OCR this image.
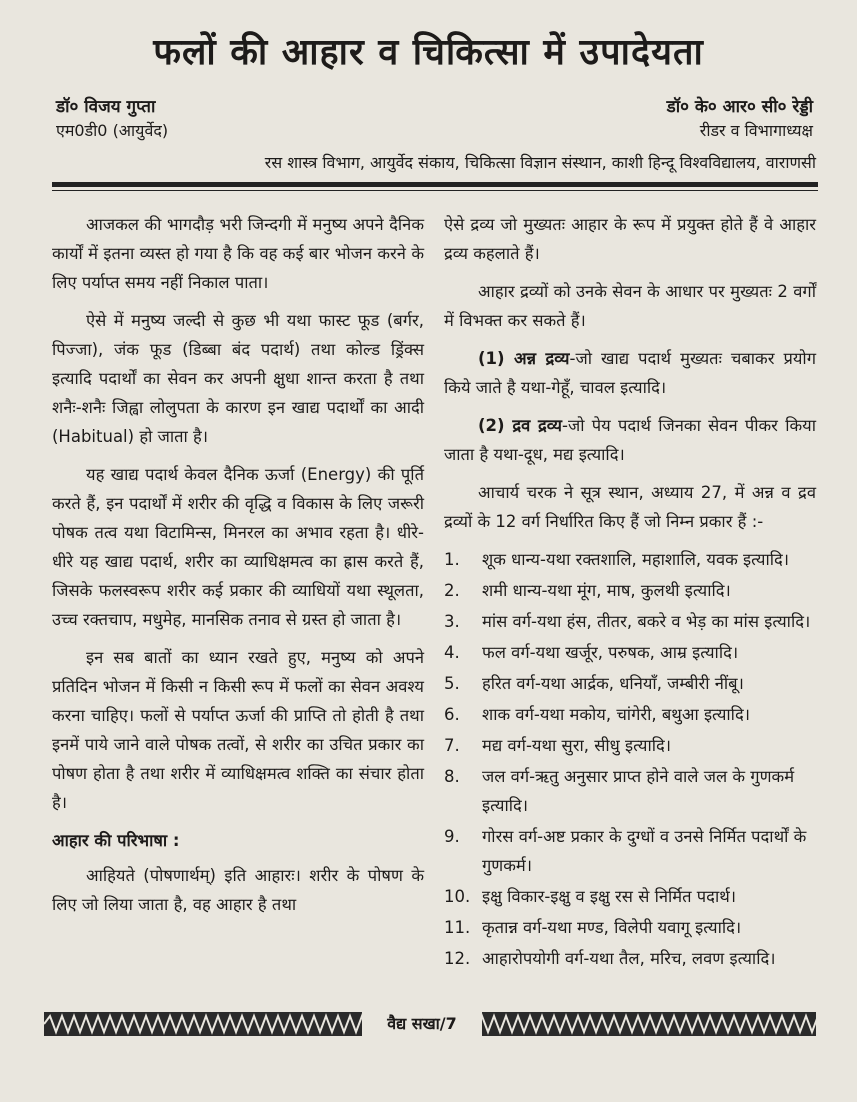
फलों की आहार व चिकित्सा में उपादेयता
डॉ० विजय गुप्ता
एम0डी0 (आयुर्वेद)
डॉ० के० आर० सी० रेड्डी
रीडर व विभागाध्यक्ष
रस शास्त्र विभाग, आयुर्वेद संकाय, चिकित्सा विज्ञान संस्थान, काशी हिन्दू विश्वविद्यालय, वाराणसी

आजकल की भागदौड़ भरी जिन्दगी में मनुष्य अपने दैनिक कार्यों में इतना व्यस्त हो गया है कि वह कई बार भोजन करने के लिए पर्याप्त समय नहीं निकाल पाता।

ऐसे में मनुष्य जल्दी से कुछ भी यथा फास्ट फूड (बर्गर, पिज्जा), जंक फूड (डिब्बा बंद पदार्थ) तथा कोल्ड ड्रिंक्स इत्यादि पदार्थों का सेवन कर अपनी क्षुधा शान्त करता है तथा शनैः-शनैः जिह्वा लोलुपता के कारण इन खाद्य पदार्थों का आदी (Habitual) हो जाता है।

यह खाद्य पदार्थ केवल दैनिक ऊर्जा (Energy) की पूर्ति करते हैं, इन पदार्थों में शरीर की वृद्धि व विकास के लिए जरूरी पोषक तत्व यथा विटामिन्स, मिनरल का अभाव रहता है। धीरे-धीरे यह खाद्य पदार्थ, शरीर का व्याधिक्षमत्व का ह्रास करते हैं, जिसके फलस्वरूप शरीर कई प्रकार की व्याधियों यथा स्थूलता, उच्च रक्तचाप, मधुमेह, मानसिक तनाव से ग्रस्त हो जाता है।

इन सब बातों का ध्यान रखते हुए, मनुष्य को अपने प्रतिदिन भोजन में किसी न किसी रूप में फलों का सेवन अवश्य करना चाहिए। फलों से पर्याप्त ऊर्जा की प्राप्ति तो होती है तथा इनमें पाये जाने वाले पोषक तत्वों, से शरीर का उचित प्रकार का पोषण होता है तथा शरीर में व्याधिक्षमत्व शक्ति का संचार होता है।

आहार की परिभाषा :

आहियते (पोषणार्थम्) इति आहारः। शरीर के पोषण के लिए जो लिया जाता है, वह आहार है तथा

ऐसे द्रव्य जो मुख्यतः आहार के रूप में प्रयुक्त होते हैं वे आहार द्रव्य कहलाते हैं।

आहार द्रव्यों को उनके सेवन के आधार पर मुख्यतः 2 वर्गों में विभक्त कर सकते हैं।

(1) अन्न द्रव्य-जो खाद्य पदार्थ मुख्यतः चबाकर प्रयोग किये जाते है यथा-गेहूँ, चावल इत्यादि।

(2) द्रव द्रव्य-जो पेय पदार्थ जिनका सेवन पीकर किया जाता है यथा-दूध, मद्य इत्यादि।

आचार्य चरक ने सूत्र स्थान, अध्याय 27, में अन्न व द्रव द्रव्यों के 12 वर्ग निर्धारित किए हैं जो निम्न प्रकार हैं :-

1.	शूक धान्य-यथा रक्तशालि, महाशालि, यवक इत्यादि।
2.	शमी धान्य-यथा मूंग, माष, कुलथी इत्यादि।
3.	मांस वर्ग-यथा हंस, तीतर, बकरे व भेड़ का मांस इत्यादि।
4.	फल वर्ग-यथा खर्जूर, परुषक, आम्र इत्यादि।
5.	हरित वर्ग-यथा आर्द्रक, धनियाँ, जम्बीरी नींबू।
6.	शाक वर्ग-यथा मकोय, चांगेरी, बथुआ इत्यादि।
7.	मद्य वर्ग-यथा सुरा, सीधु इत्यादि।
8.	जल वर्ग-ऋतु अनुसार प्राप्त होने वाले जल के गुणकर्म इत्यादि।
9.	गोरस वर्ग-अष्ट प्रकार के दुग्धों व उनसे निर्मित पदार्थों के गुणकर्म।
10. इक्षु विकार-इक्षु व इक्षु रस से निर्मित पदार्थ।
11. कृतान्न वर्ग-यथा मण्ड, विलेपी यवागू इत्यादि।
12. आहारोपयोगी वर्ग-यथा तैल, मरिच, लवण इत्यादि।
वैद्य सखा/7
